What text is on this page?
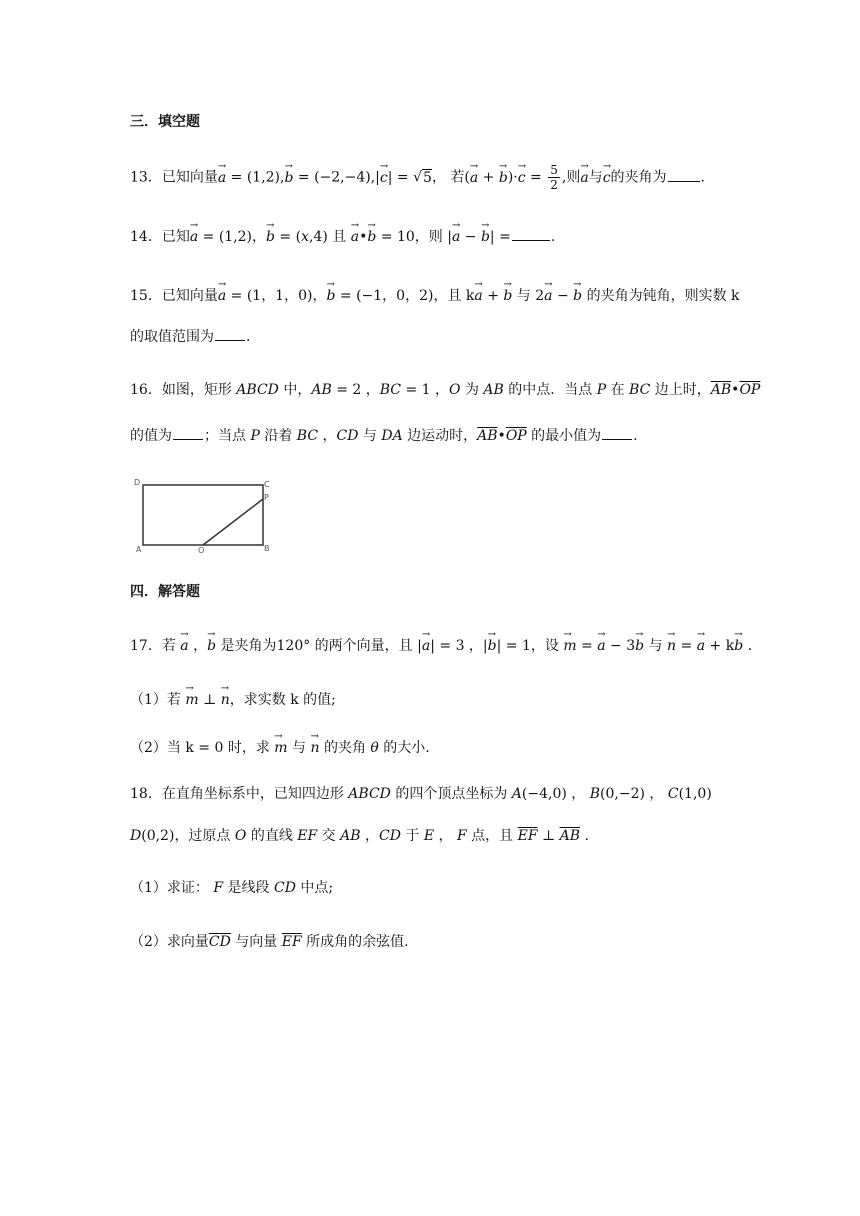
三．填空题
13．已知向量→ a = (1,2),→ b = (−2,−4),|→ c| = √5， 若(→ a + → $b)\cdot\to c = \frac{5}{2}$ ,则→ a与→ c的夹角为 .
14．已知→ a = (1,2)，→ b = (x,4) 且 → a•→ b = 10，则 |→ a − → b| =	.
15．已知向量→ a = (1，1，0)，→ b = (−1，0，2)，且 k→ a + → b 与 2→ a − → b 的夹角为钝角，则实数 k
的取值范围为 .
16．如图，矩形 ABCD 中，AB = 2 ，BC = 1 ，O 为 AB 的中点．当点 P 在 BC 边上时，$\overline{AB}•\overline{OP}$
的值为 ；当点 P 沿着 BC ，CD 与 DA 边运动时，$\overline{AB}•\overline{OP}$ 的最小值为 .
D	C
P
A	O	B
四．解答题
17．若 → a ，→ b 是夹角为120° 的两个向量，且 |→ a| = 3 ，|→ b| = 1，设 → m = → a − 3→ b 与 → n = → a + k→ b .
（1）若 → m ⊥ → n，求实数 k 的值;
（2）当 k = 0 时，求 → m 与 → n 的夹角 θ 的大小.
18．在直角坐标系中，已知四边形 ABCD 的四个顶点坐标为 A(−4,0) ， B(0,−2) ， C(1,0)
D(0,2)，过原点 O 的直线 EF 交 AB ，CD 于 E ， F 点，且 $\overline{EF}$ ⊥ $\overline{AB}$ .
（1）求证： F 是线段 CD 中点;
（2）求向量$\overline{CD}$ 与向量 $\overline{EF}$ 所成角的余弦值.
